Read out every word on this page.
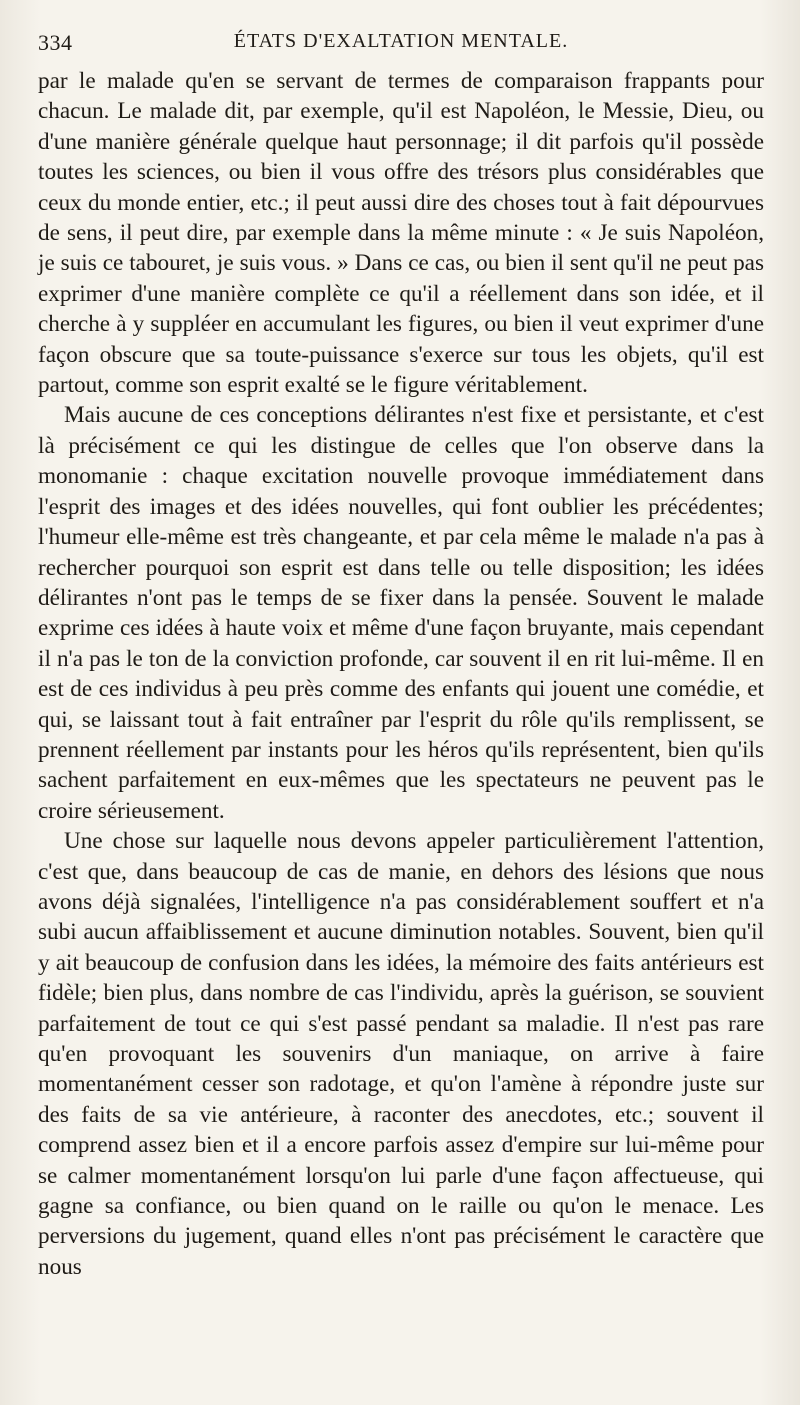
334	ÉTATS D'EXALTATION MENTALE.

par le malade qu'en se servant de termes de comparaison frappants pour chacun. Le malade dit, par exemple, qu'il est Napoléon, le Messie, Dieu, ou d'une manière générale quelque haut personnage; il dit parfois qu'il possède toutes les sciences, ou bien il vous offre des trésors plus considérables que ceux du monde entier, etc.; il peut aussi dire des choses tout à fait dépourvues de sens, il peut dire, par exemple dans la même minute : « Je suis Napoléon, je suis ce tabouret, je suis vous. » Dans ce cas, ou bien il sent qu'il ne peut pas exprimer d'une manière complète ce qu'il a réellement dans son idée, et il cherche à y suppléer en accumulant les figures, ou bien il veut exprimer d'une façon obscure que sa toute-puissance s'exerce sur tous les objets, qu'il est partout, comme son esprit exalté se le figure véritablement.

Mais aucune de ces conceptions délirantes n'est fixe et persistante, et c'est là précisément ce qui les distingue de celles que l'on observe dans la monomanie : chaque excitation nouvelle provoque immédiatement dans l'esprit des images et des idées nouvelles, qui font oublier les précédentes; l'humeur elle-même est très changeante, et par cela même le malade n'a pas à rechercher pourquoi son esprit est dans telle ou telle disposition; les idées délirantes n'ont pas le temps de se fixer dans la pensée. Souvent le malade exprime ces idées à haute voix et même d'une façon bruyante, mais cependant il n'a pas le ton de la conviction profonde, car souvent il en rit lui-même. Il en est de ces individus à peu près comme des enfants qui jouent une comédie, et qui, se laissant tout à fait entraîner par l'esprit du rôle qu'ils remplissent, se prennent réellement par instants pour les héros qu'ils représentent, bien qu'ils sachent parfaitement en eux-mêmes que les spectateurs ne peuvent pas le croire sérieusement.

Une chose sur laquelle nous devons appeler particulièrement l'attention, c'est que, dans beaucoup de cas de manie, en dehors des lésions que nous avons déjà signalées, l'intelligence n'a pas considérablement souffert et n'a subi aucun affaiblissement et aucune diminution notables. Souvent, bien qu'il y ait beaucoup de confusion dans les idées, la mémoire des faits antérieurs est fidèle; bien plus, dans nombre de cas l'individu, après la guérison, se souvient parfaitement de tout ce qui s'est passé pendant sa maladie. Il n'est pas rare qu'en provoquant les souvenirs d'un maniaque, on arrive à faire momentanément cesser son radotage, et qu'on l'amène à répondre juste sur des faits de sa vie antérieure, à raconter des anecdotes, etc.; souvent il comprend assez bien et il a encore parfois assez d'empire sur lui-même pour se calmer momentanément lorsqu'on lui parle d'une façon affectueuse, qui gagne sa confiance, ou bien quand on le raille ou qu'on le menace. Les perversions du jugement, quand elles n'ont pas précisément le caractère que nous
